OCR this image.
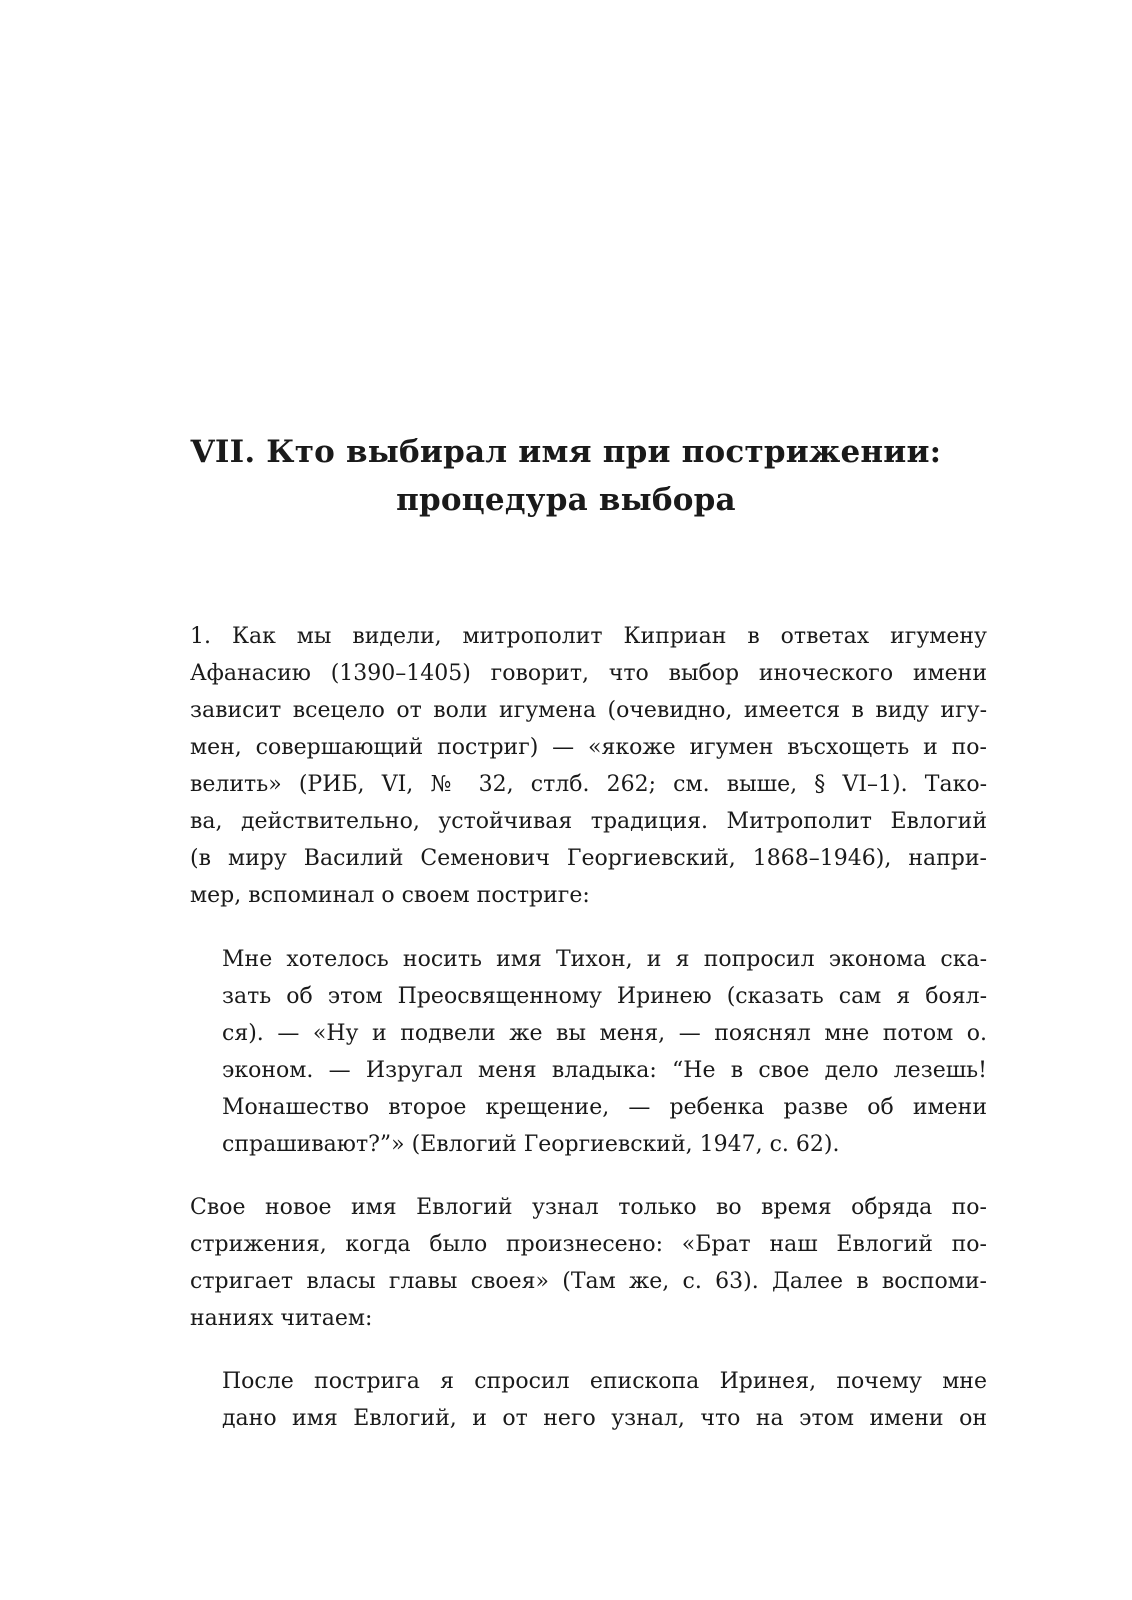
VII. Кто выбирал имя при пострижении:
процедура выбора
1. Как мы видели, митрополит Киприан в ответах игумену
Афанасию (1390–1405) говорит, что выбор иноческого имени
зависит всецело от воли игумена (очевидно, имеется в виду игу-
мен, совершающий постриг) — «якоже игумен въсхощеть и по-
велить» (РИБ, VI, № 32, стлб. 262; см. выше, § VI–1). Тако-
ва, действительно, устойчивая традиция. Митрополит Евлогий
(в миру Василий Семенович Георгиевский, 1868–1946), напри-
мер, вспоминал о своем постриге:
Мне хотелось носить имя Тихон, и я попросил эконома ска-
зать об этом Преосвященному Иринею (сказать сам я боял-
ся). — «Ну и подвели же вы меня, — пояснял мне потом о.
эконом. — Изругал меня владыка: “Не в свое дело лезешь!
Монашество второе крещение, — ребенка разве об имени
спрашивают?”» (Евлогий Георгиевский, 1947, с. 62).
Свое новое имя Евлогий узнал только во время обряда по-
стрижения, когда было произнесено: «Брат наш Евлогий по-
стригает власы главы своея» (Там же, с. 63). Далее в воспоми-
наниях читаем:
После пострига я спросил епископа Иринея, почему мне
дано имя Евлогий, и от него узнал, что на этом имени он
